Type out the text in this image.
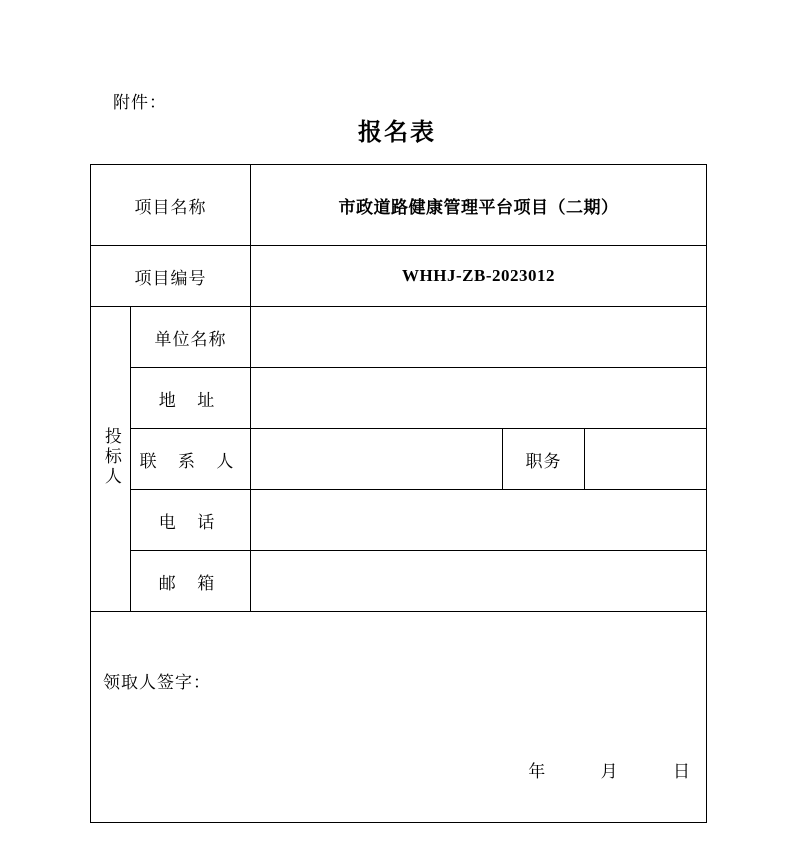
附件：
报名表
项目名称		市政道路健康管理平台项目（二期）		
项目编号		WHHJ-ZB-2023012		
投标人	单位名称			
	地 址			
	联 系 人		职务	
	电 话			
	邮 箱			

领取人签字：
年 月 日				
